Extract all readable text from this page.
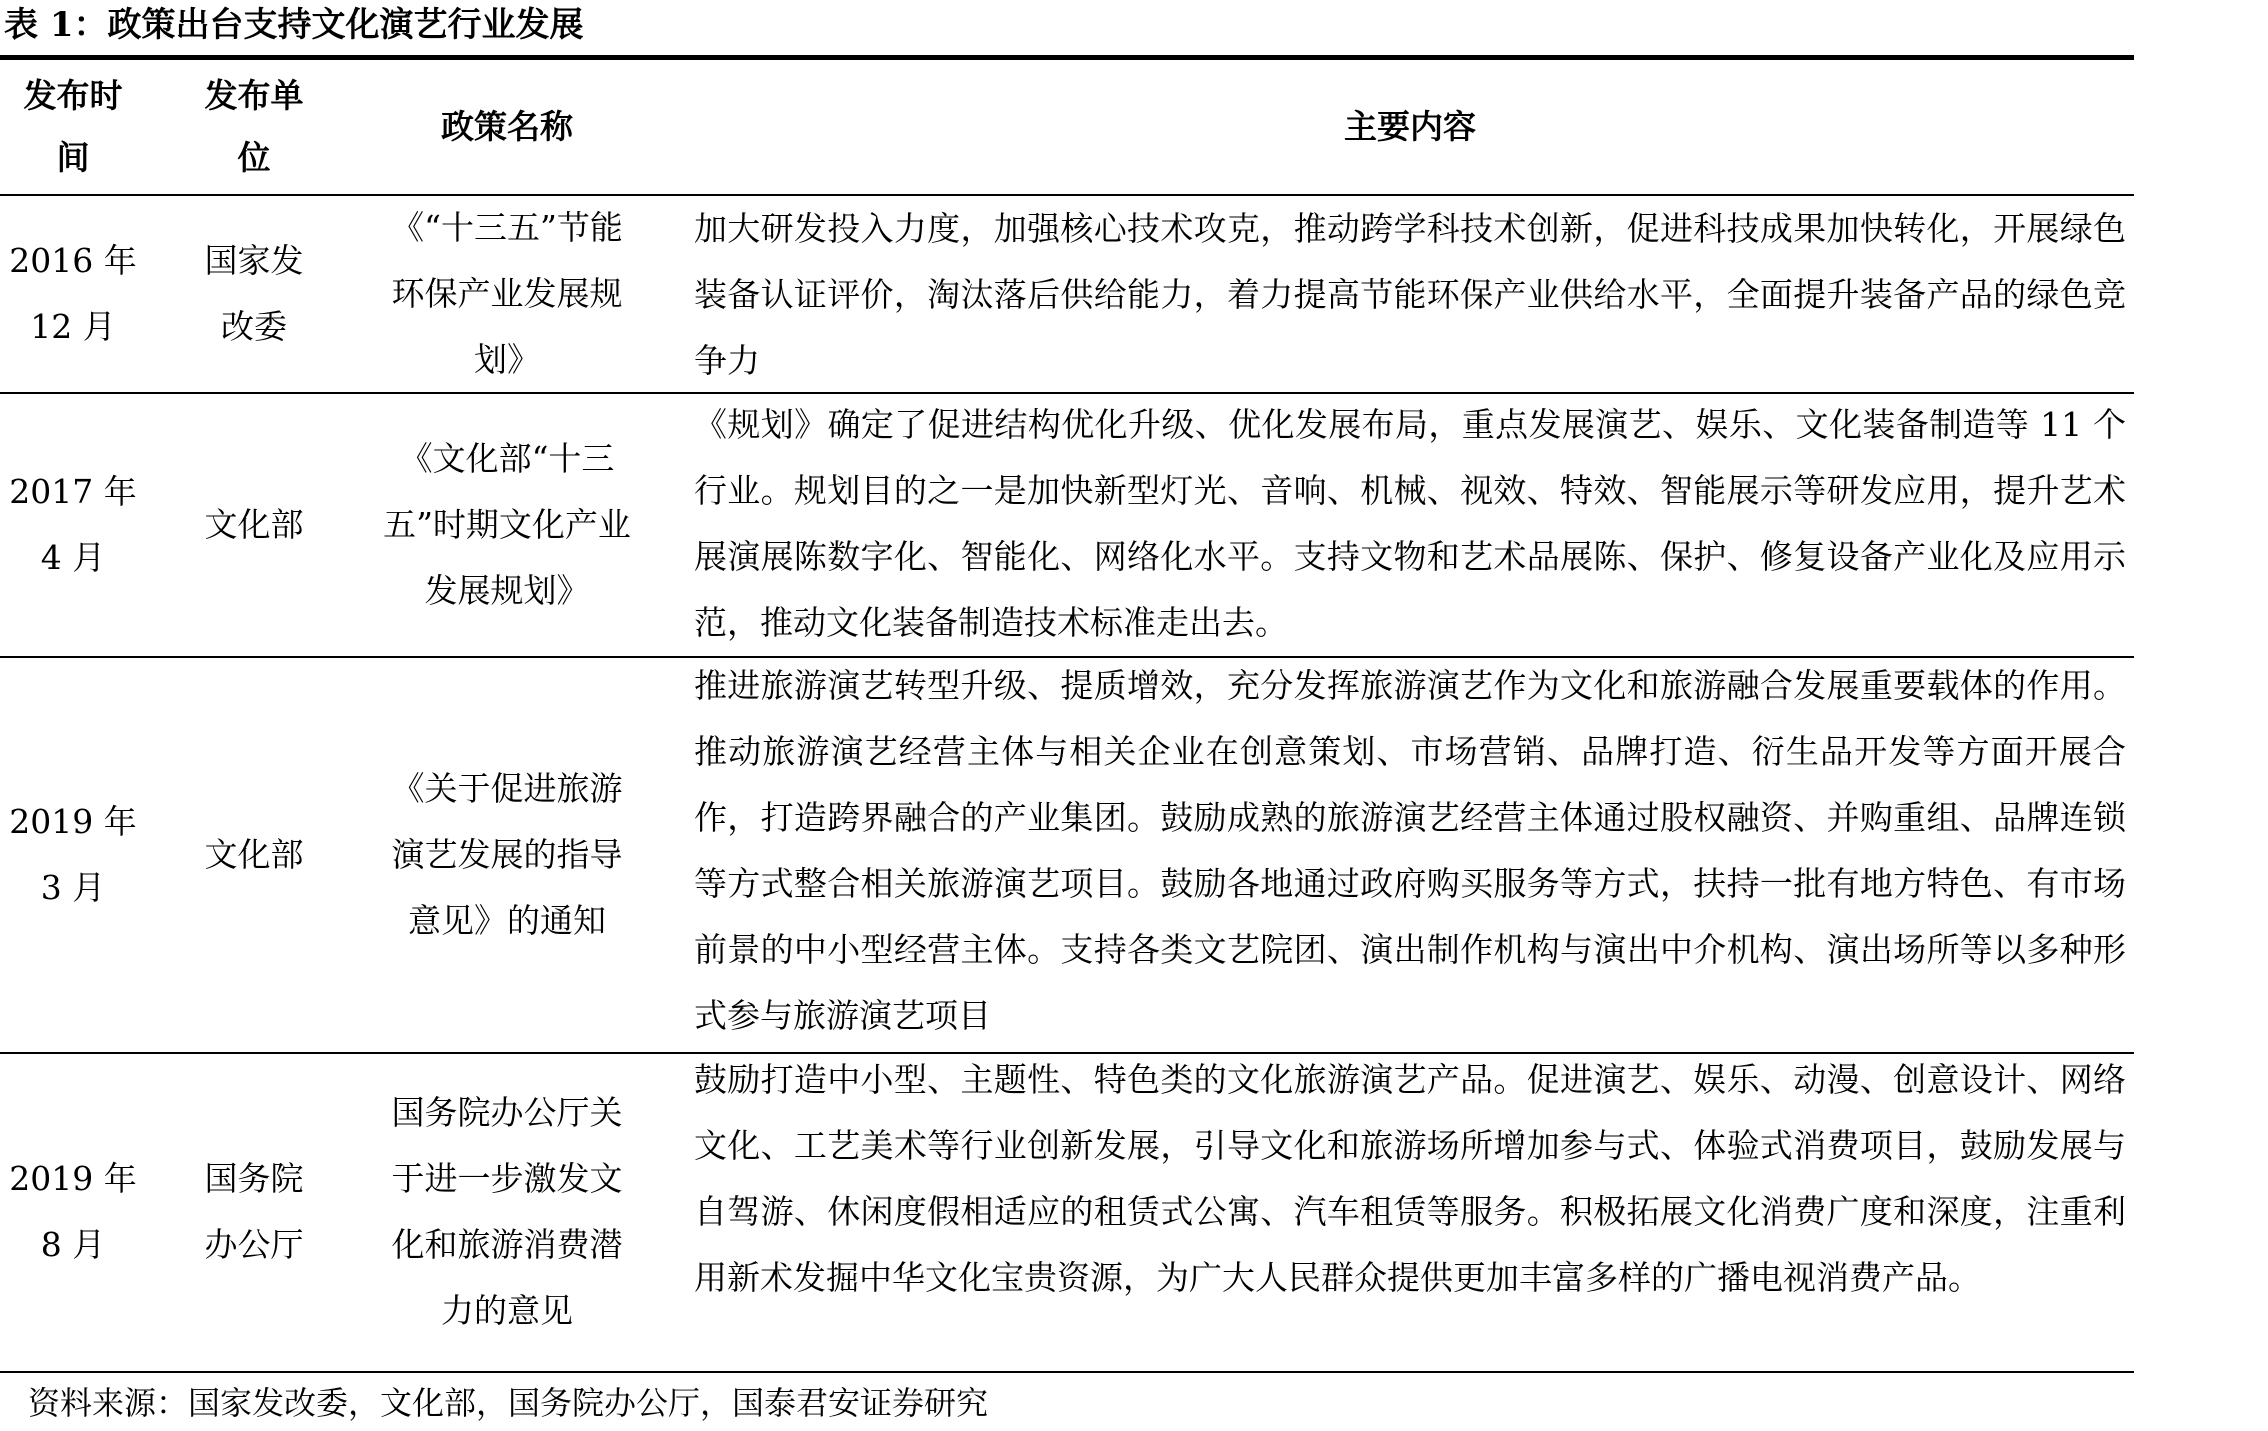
表 1：政策出台支持文化演艺行业发展
发布时
间
发布单
位
政策名称	主要内容
2016 年
12 月
国家发
改委
《“十三五”节能
环保产业发展规
划》
加大研发投入力度，加强核心技术攻克，推动跨学科技术创新，促进科技成果加快转化，开展绿色装备认证评价，淘汰落后供给能力，着力提高节能环保产业供给水平，全面提升装备产品的绿色竞争力
2017 年
4 月
文化部
《文化部“十三
五”时期文化产业
发展规划》
《规划》确定了促进结构优化升级、优化发展布局，重点发展演艺、娱乐、文化装备制造等 11 个行业。规划目的之一是加快新型灯光、音响、机械、视效、特效、智能展示等研发应用，提升艺术展演展陈数字化、智能化、网络化水平。支持文物和艺术品展陈、保护、修复设备产业化及应用示范，推动文化装备制造技术标准走出去。
2019 年
3 月
文化部
《关于促进旅游
演艺发展的指导
意见》的通知
推进旅游演艺转型升级、提质增效，充分发挥旅游演艺作为文化和旅游融合发展重要载体的作用。推动旅游演艺经营主体与相关企业在创意策划、市场营销、品牌打造、衍生品开发等方面开展合作，打造跨界融合的产业集团。鼓励成熟的旅游演艺经营主体通过股权融资、并购重组、品牌连锁等方式整合相关旅游演艺项目。鼓励各地通过政府购买服务等方式，扶持一批有地方特色、有市场前景的中小型经营主体。支持各类文艺院团、演出制作机构与演出中介机构、演出场所等以多种形式参与旅游演艺项目
2019 年
8 月
国务院
办公厅
国务院办公厅关
于进一步激发文
化和旅游消费潜
力的意见
鼓励打造中小型、主题性、特色类的文化旅游演艺产品。促进演艺、娱乐、动漫、创意设计、网络文化、工艺美术等行业创新发展，引导文化和旅游场所增加参与式、体验式消费项目，鼓励发展与自驾游、休闲度假相适应的租赁式公寓、汽车租赁等服务。积极拓展文化消费广度和深度，注重利用新术发掘中华文化宝贵资源，为广大人民群众提供更加丰富多样的广播电视消费产品。
资料来源：国家发改委，文化部，国务院办公厅，国泰君安证券研究
